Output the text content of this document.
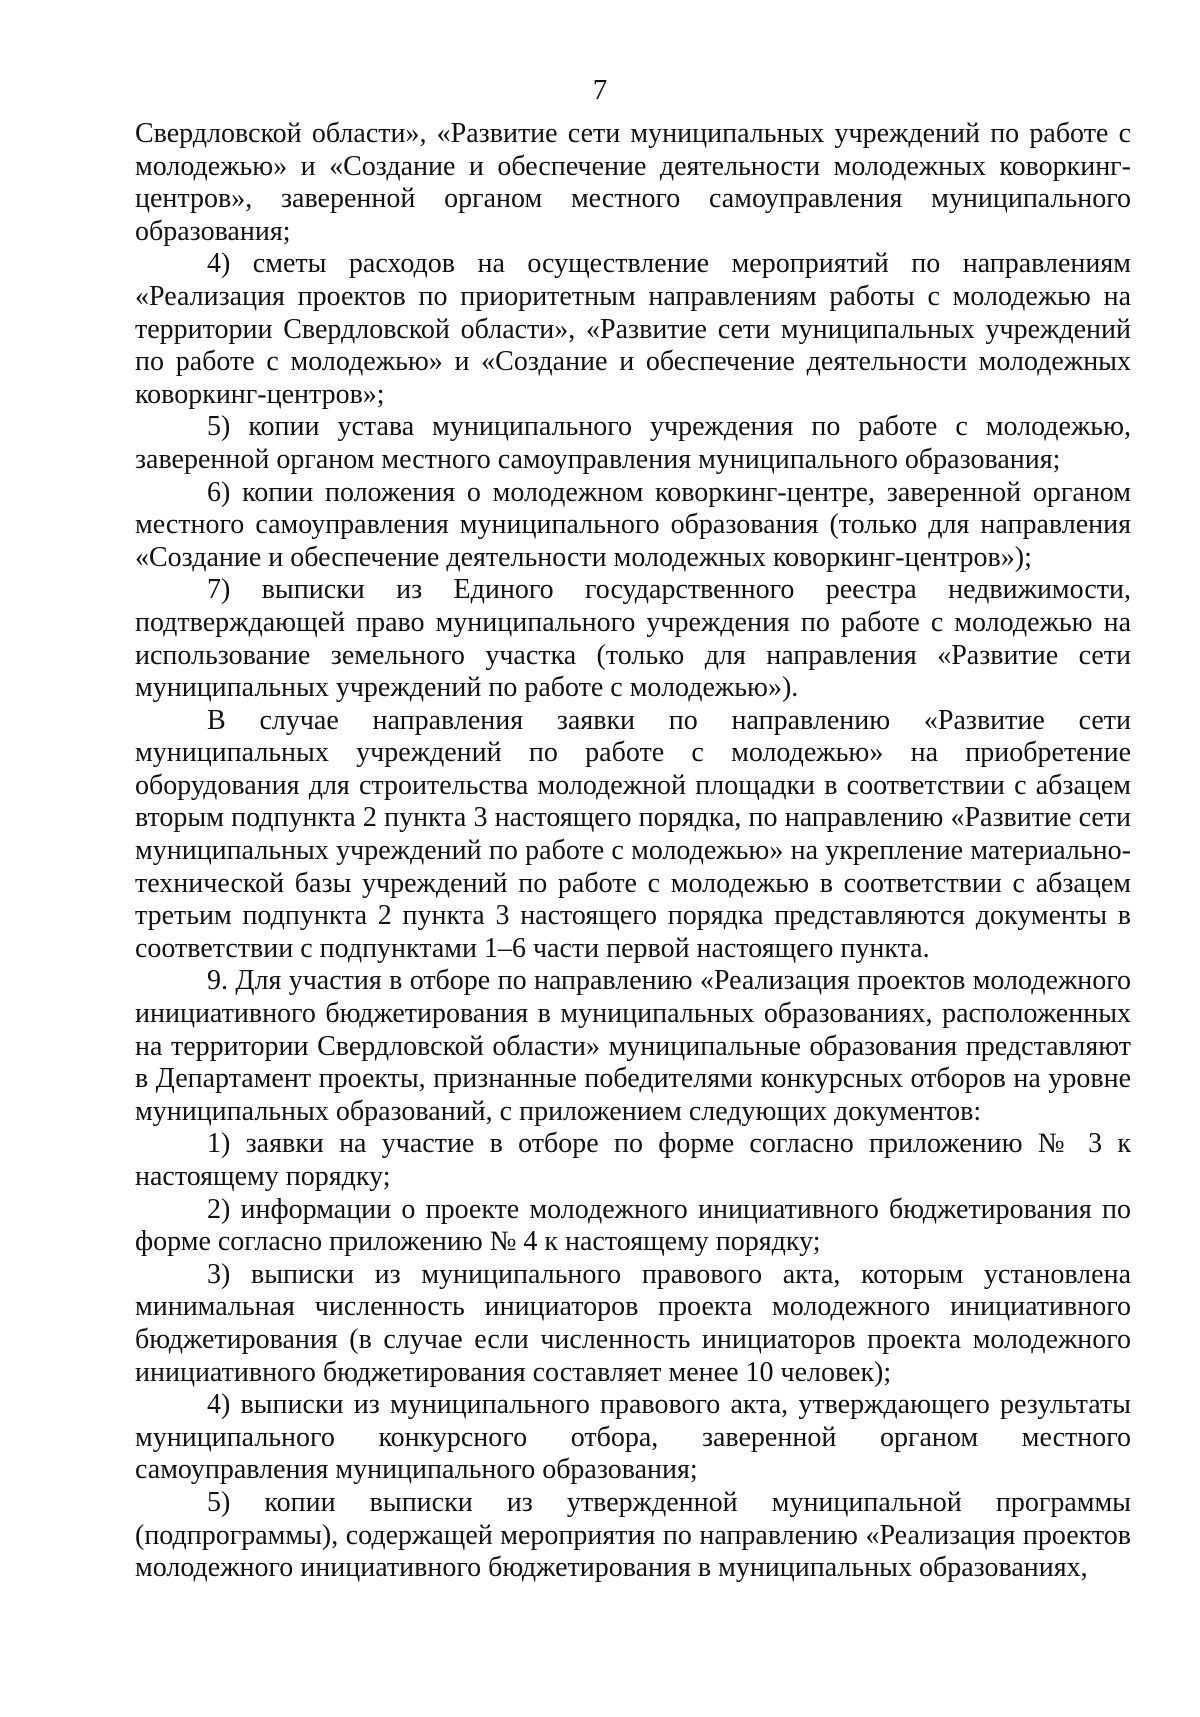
7

Свердловской области», «Развитие сети муниципальных учреждений по работе с молодежью» и «Создание и обеспечение деятельности молодежных коворкинг-центров», заверенной органом местного самоуправления муниципального образования;

4) сметы расходов на осуществление мероприятий по направлениям «Реализация проектов по приоритетным направлениям работы с молодежью на территории Свердловской области», «Развитие сети муниципальных учреждений по работе с молодежью» и «Создание и обеспечение деятельности молодежных коворкинг-центров»;

5) копии устава муниципального учреждения по работе с молодежью, заверенной органом местного самоуправления муниципального образования;

6) копии положения о молодежном коворкинг-центре, заверенной органом местного самоуправления муниципального образования (только для направления «Создание и обеспечение деятельности молодежных коворкинг-центров»);

7) выписки из Единого государственного реестра недвижимости, подтверждающей право муниципального учреждения по работе с молодежью на использование земельного участка (только для направления «Развитие сети муниципальных учреждений по работе с молодежью»).

В случае направления заявки по направлению «Развитие сети муниципальных учреждений по работе с молодежью» на приобретение оборудования для строительства молодежной площадки в соответствии с абзацем вторым подпункта 2 пункта 3 настоящего порядка, по направлению «Развитие сети муниципальных учреждений по работе с молодежью» на укрепление материально-технической базы учреждений по работе с молодежью в соответствии с абзацем третьим подпункта 2 пункта 3 настоящего порядка представляются документы в соответствии с подпунктами 1–6 части первой настоящего пункта.

9. Для участия в отборе по направлению «Реализация проектов молодежного инициативного бюджетирования в муниципальных образованиях, расположенных на территории Свердловской области» муниципальные образования представляют в Департамент проекты, признанные победителями конкурсных отборов на уровне муниципальных образований, с приложением следующих документов:

1) заявки на участие в отборе по форме согласно приложению № 3 к настоящему порядку;

2) информации о проекте молодежного инициативного бюджетирования по форме согласно приложению № 4 к настоящему порядку;

3) выписки из муниципального правового акта, которым установлена минимальная численность инициаторов проекта молодежного инициативного бюджетирования (в случае если численность инициаторов проекта молодежного инициативного бюджетирования составляет менее 10 человек);

4) выписки из муниципального правового акта, утверждающего результаты муниципального конкурсного отбора, заверенной органом местного самоуправления муниципального образования;

5) копии выписки из утвержденной муниципальной программы (подпрограммы), содержащей мероприятия по направлению «Реализация проектов молодежного инициативного бюджетирования в муниципальных образованиях,
